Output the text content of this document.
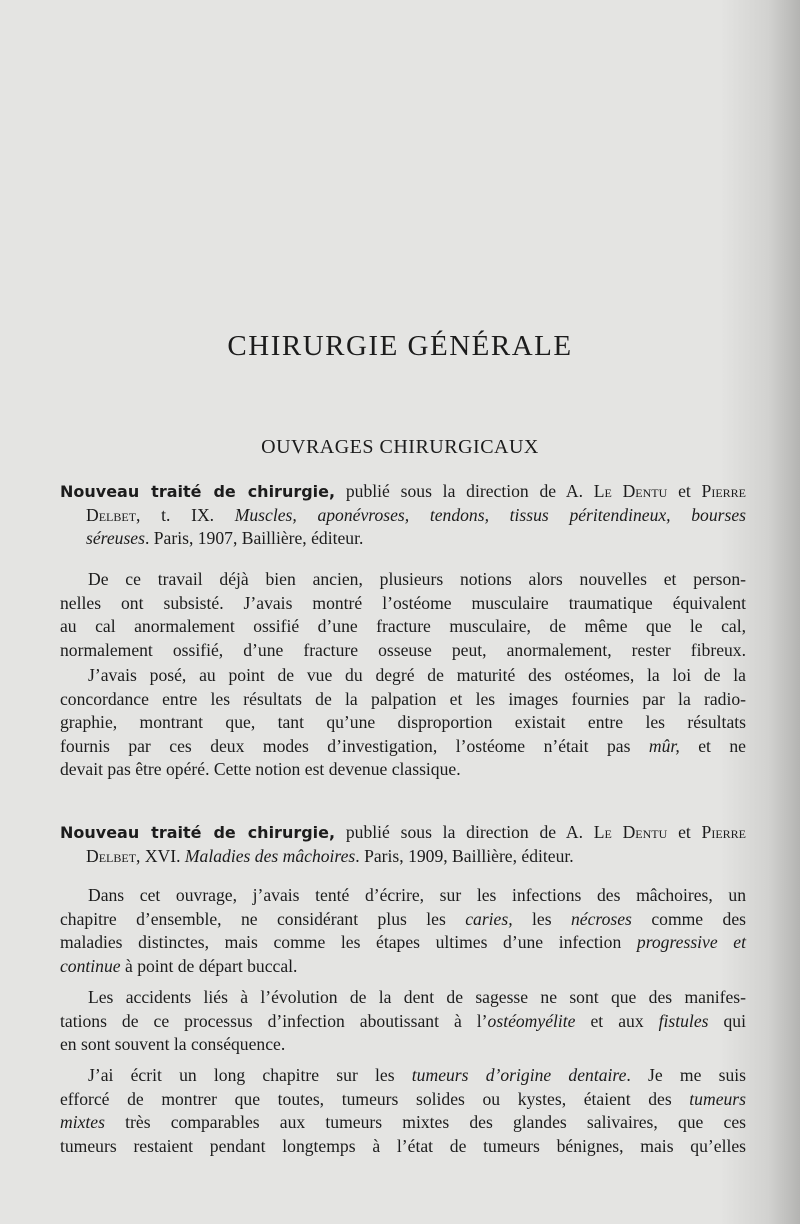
CHIRURGIE GÉNÉRALE
OUVRAGES CHIRURGICAUX
Nouveau traité de chirurgie, publié sous la direction de A. Le Dentu et Pierre
Delbet, t. IX. Muscles, aponévroses, tendons, tissus péritendineux, bourses
séreuses. Paris, 1907, Baillière, éditeur.
De ce travail déjà bien ancien, plusieurs notions alors nouvelles et person-
nelles ont subsisté. J’avais montré l’ostéome musculaire traumatique équivalent
au cal anormalement ossifié d’une fracture musculaire, de même que le cal,
normalement ossifié, d’une fracture osseuse peut, anormalement, rester fibreux.
J’avais posé, au point de vue du degré de maturité des ostéomes, la loi de la
concordance entre les résultats de la palpation et les images fournies par la radio-
graphie, montrant que, tant qu’une disproportion existait entre les résultats
fournis par ces deux modes d’investigation, l’ostéome n’était pas mûr, et ne
devait pas être opéré. Cette notion est devenue classique.
Nouveau traité de chirurgie, publié sous la direction de A. Le Dentu et Pierre
Delbet, XVI. Maladies des mâchoires. Paris, 1909, Baillière, éditeur.
Dans cet ouvrage, j’avais tenté d’écrire, sur les infections des mâchoires, un
chapitre d’ensemble, ne considérant plus les caries, les nécroses comme des
maladies distinctes, mais comme les étapes ultimes d’une infection progressive et
continue à point de départ buccal.
Les accidents liés à l’évolution de la dent de sagesse ne sont que des manifes-
tations de ce processus d’infection aboutissant à l’ostéomyélite et aux fistules qui
en sont souvent la conséquence.
J’ai écrit un long chapitre sur les tumeurs d’origine dentaire. Je me suis
efforcé de montrer que toutes, tumeurs solides ou kystes, étaient des tumeurs
mixtes très comparables aux tumeurs mixtes des glandes salivaires, que ces
tumeurs restaient pendant longtemps à l’état de tumeurs bénignes, mais qu’elles
